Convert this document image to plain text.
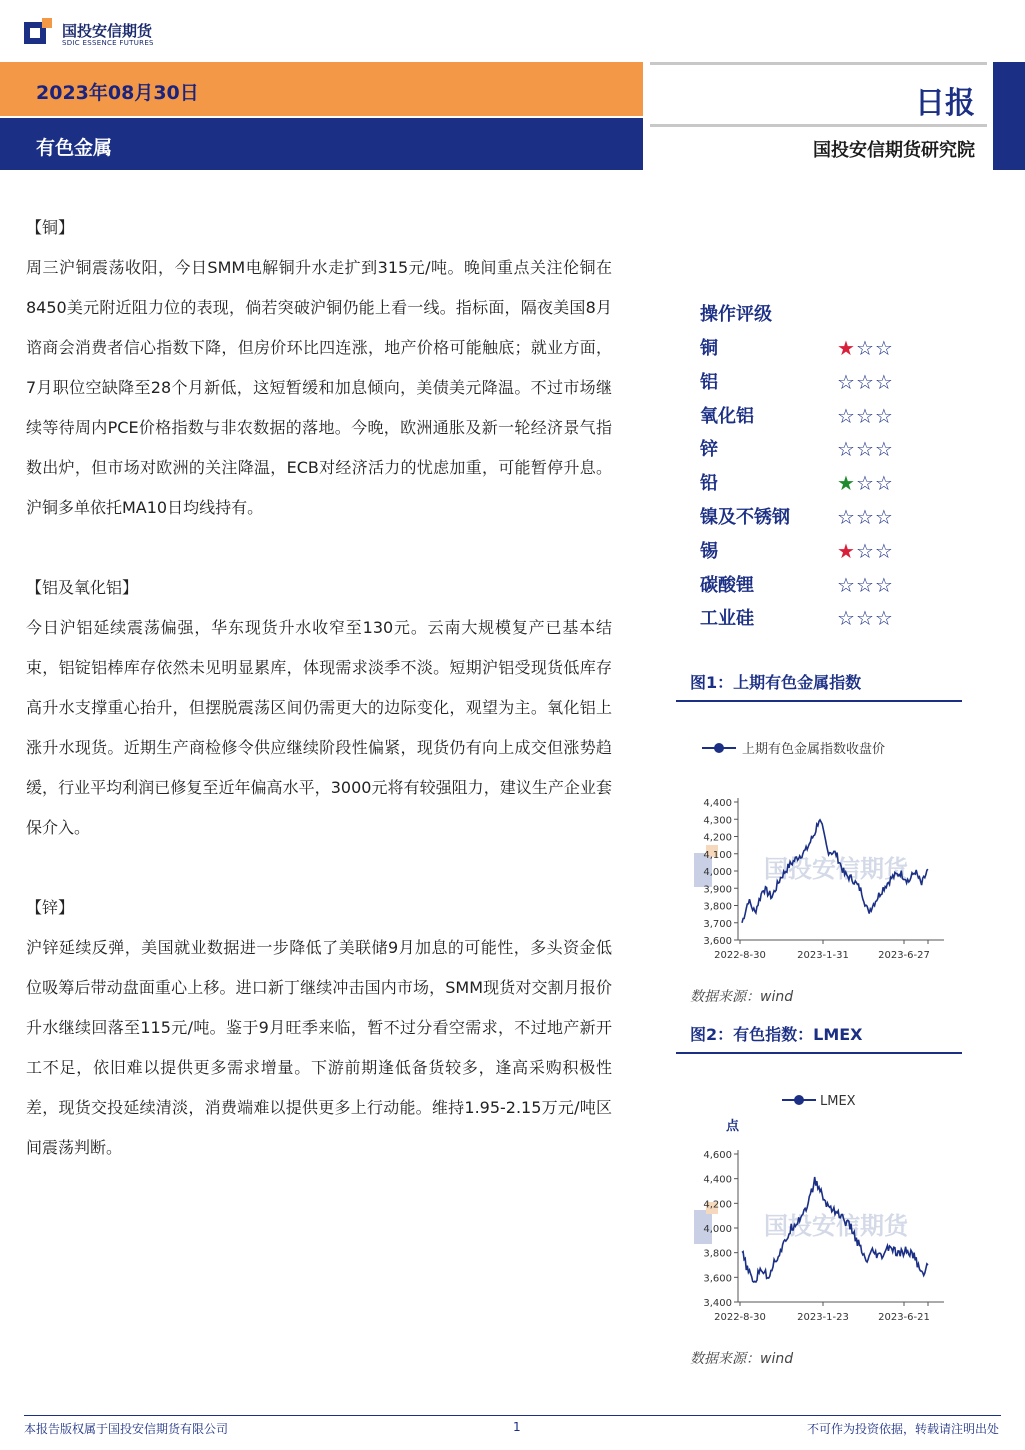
国投安信期货
SDIC ESSENCE FUTURES
2023年08月30日
有色金属
日报
国投安信期货研究院
【铜】
周三沪铜震荡收阳，今日SMM电解铜升水走扩到315元/吨。晚间重点关注伦铜在8450美元附近阻力位的表现，倘若突破沪铜仍能上看一线。指标面，隔夜美国8月谘商会消费者信心指数下降，但房价环比四连涨，地产价格可能触底；就业方面，7月职位空缺降至28个月新低，这短暂缓和加息倾向，美债美元降温。不过市场继续等待周内PCE价格指数与非农数据的落地。今晚，欧洲通胀及新一轮经济景气指数出炉，但市场对欧洲的关注降温，ECB对经济活力的忧虑加重，可能暂停升息。沪铜多单依托MA10日均线持有。
【铝及氧化铝】
今日沪铝延续震荡偏强，华东现货升水收窄至130元。云南大规模复产已基本结束，铝锭铝棒库存依然未见明显累库，体现需求淡季不淡。短期沪铝受现货低库存高升水支撑重心抬升，但摆脱震荡区间仍需更大的边际变化，观望为主。氧化铝上涨升水现货。近期生产商检修令供应继续阶段性偏紧，现货仍有向上成交但涨势趋缓，行业平均利润已修复至近年偏高水平，3000元将有较强阻力，建议生产企业套保介入。
【锌】
沪锌延续反弹，美国就业数据进一步降低了美联储9月加息的可能性，多头资金低位吸筹后带动盘面重心上移。进口新丁继续冲击国内市场，SMM现货对交割月报价升水继续回落至115元/吨。鉴于9月旺季来临，暂不过分看空需求，不过地产新开工不足，依旧难以提供更多需求增量。下游前期逢低备货较多，逢高采购积极性差，现货交投延续清淡，消费端难以提供更多上行动能。维持1.95-2.15万元/吨区间震荡判断。
操作评级
铜	★☆☆
铝	☆☆☆
氧化铝	☆☆☆
锌	☆☆☆
铅	★☆☆
镍及不锈钢 ☆☆☆
锡	★☆☆
碳酸锂	☆☆☆
工业硅	☆☆☆
图1：上期有色金属指数
上期有色金属指数收盘价
国投安信期货
3,600
3,700
3,800
3,900
4,000
4,100
4,200
4,300
4,400
2022-8-30	2023-1-31	2023-6-27
数据来源：wind
图2：有色指数：LMEX
LMEX
点
国投安信期货
3,400
3,600
3,800
4,000
4,200
4,400
4,600
2022-8-30	2023-1-23	2023-6-21
数据来源：wind
本报告版权属于国投安信期货有限公司	1	不可作为投资依据，转载请注明出处
